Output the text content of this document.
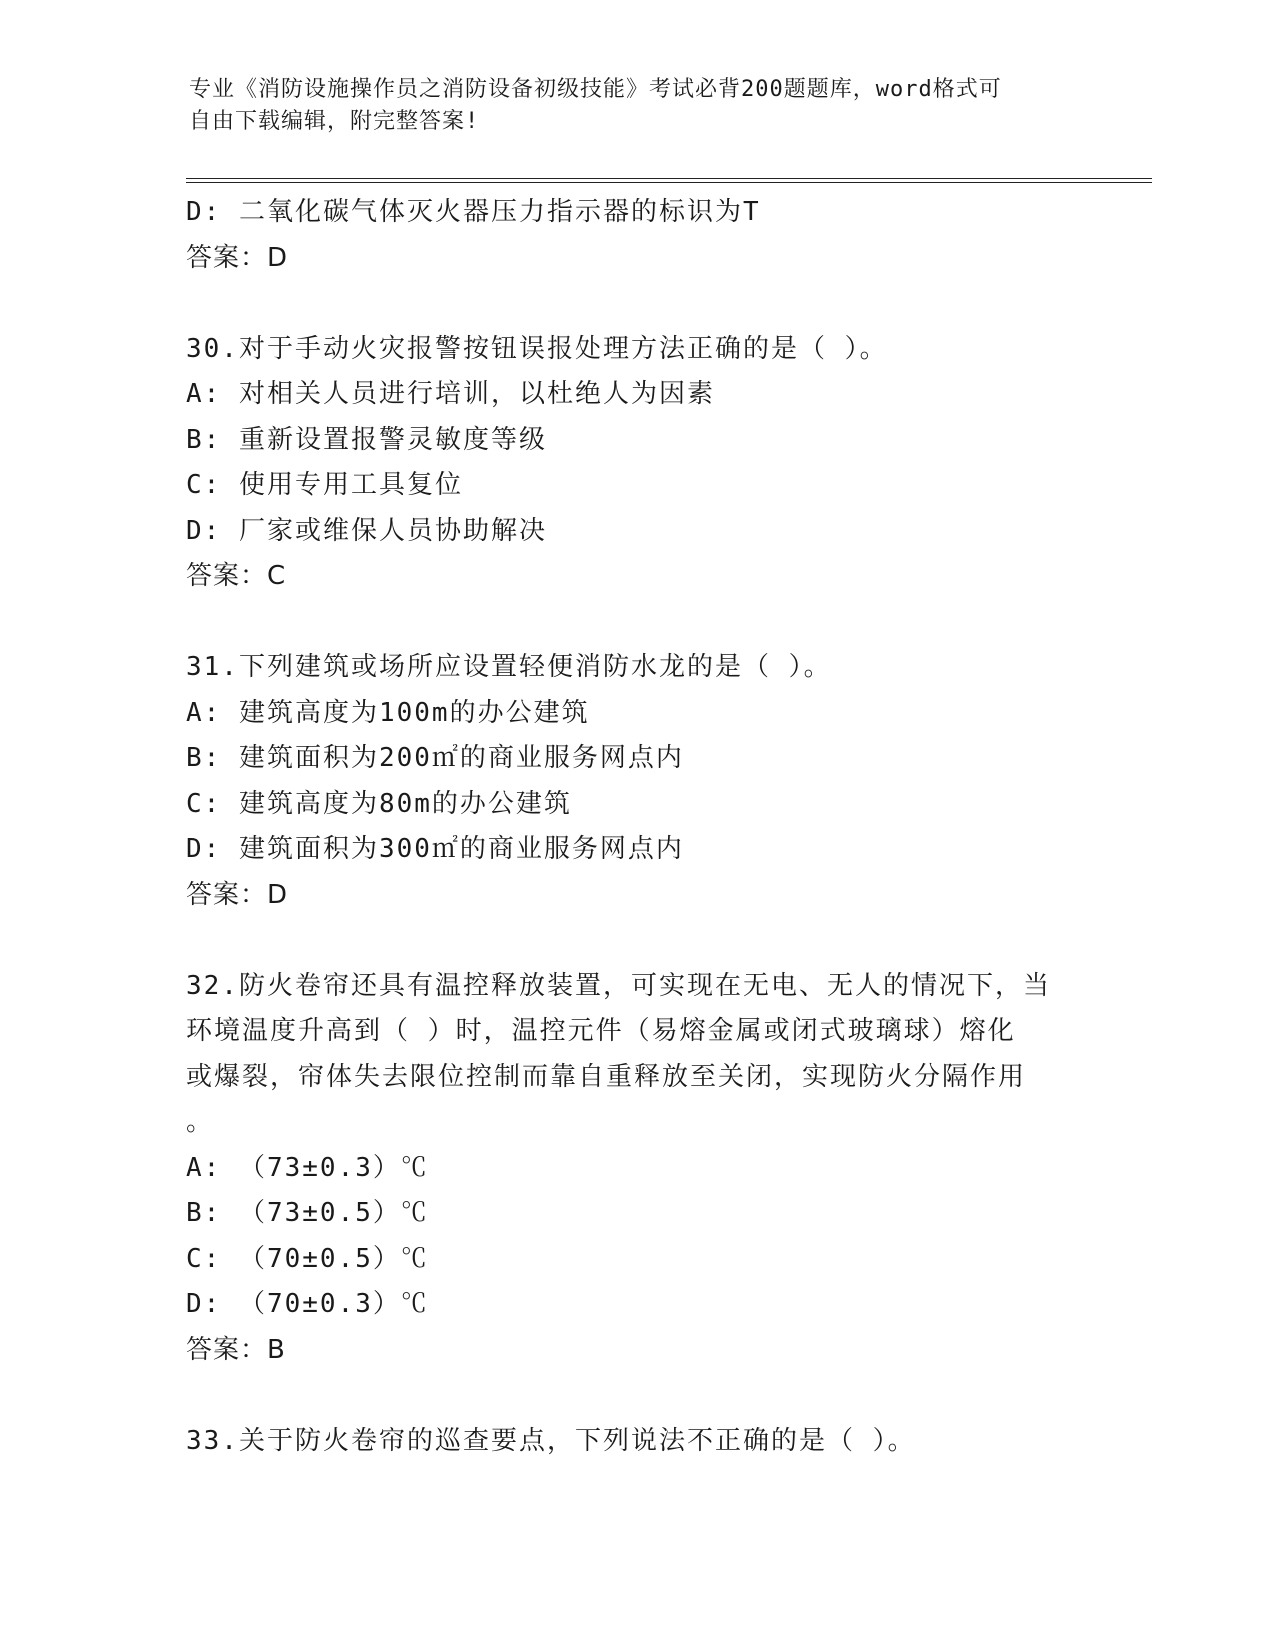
专业《消防设施操作员之消防设备初级技能》考试必背200题题库，word格式可
自由下载编辑，附完整答案!
D: 二氧化碳气体灭火器压力指示器的标识为T
答案：D
30.对于手动火灾报警按钮误报处理方法正确的是（ ）。
A: 对相关人员进行培训，以杜绝人为因素
B: 重新设置报警灵敏度等级
C: 使用专用工具复位
D: 厂家或维保人员协助解决
答案：C
31.下列建筑或场所应设置轻便消防水龙的是（ ）。
A: 建筑高度为100m的办公建筑
B: 建筑面积为200㎡的商业服务网点内
C: 建筑高度为80m的办公建筑
D: 建筑面积为300㎡的商业服务网点内
答案：D
32.防火卷帘还具有温控释放装置，可实现在无电、无人的情况下，当
环境温度升高到（ ）时，温控元件（易熔金属或闭式玻璃球）熔化
或爆裂，帘体失去限位控制而靠自重释放至关闭，实现防火分隔作用
。
A: （73±0.3）℃
B: （73±0.5）℃
C: （70±0.5）℃
D: （70±0.3）℃
答案：B
33.关于防火卷帘的巡查要点，下列说法不正确的是（ ）。
